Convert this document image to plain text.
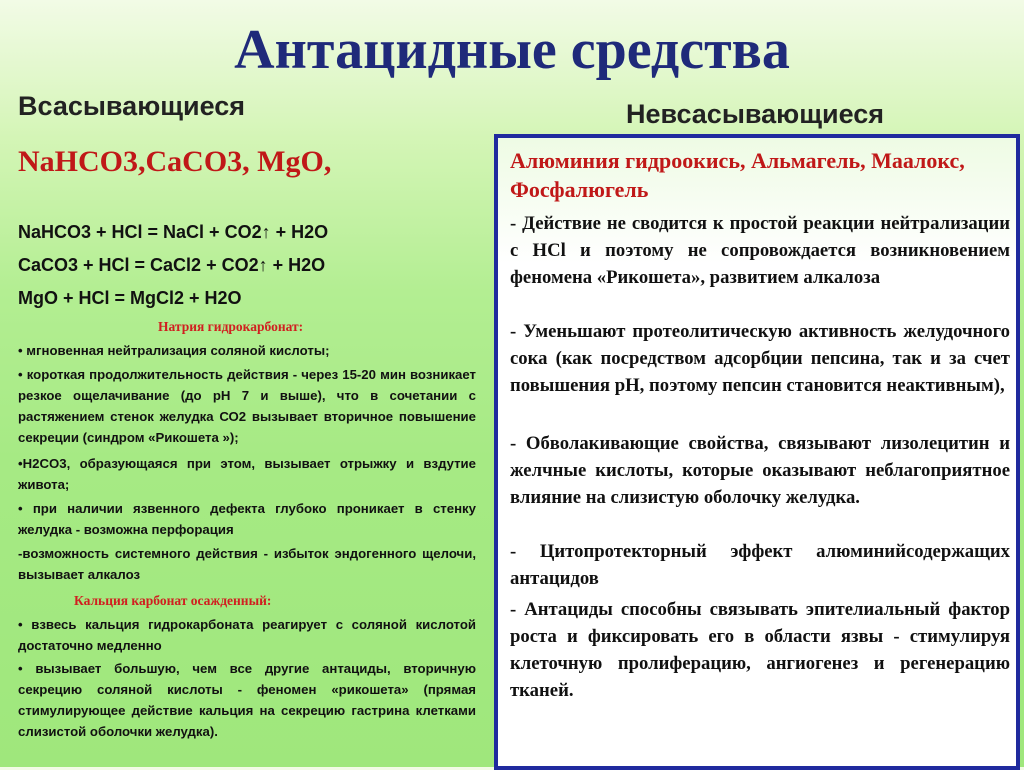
Антацидные средства
Всасывающиеся	Невсасывающиеся
NaHCO3,CaCO3, MgO,
NaHCO3 + HCl = NaCl + CO2↑ + H2O
CaCO3 + HCl = CaCl2 + CO2↑ + H2O
MgO + HCl = MgCl2 + H2O
Натрия гидрокарбонат:

• мгновенная нейтрализация соляной кислоты;

• короткая продолжительность действия - через 15-20 мин возникает резкое ощелачивание (до pH 7 и выше), что в сочетании с растяжением стенок желудка СО2 вызывает вторичное повышение секреции (синдром «Рикошета »);

•H2CO3, образующаяся при этом, вызывает отрыжку и вздутие живота;

• при наличии язвенного дефекта глубоко проникает в стенку желудка - возможна перфорация

-возможность системного действия - избыток эндогенного щелочи, вызывает алкалоз

Кальция карбонат осажденный:

• взвесь кальция гидрокарбоната реагирует с соляной кислотой достаточно медленно

• вызывает большую, чем все другие антациды, вторичную секрецию соляной кислоты - феномен «рикошета» (прямая стимулирующее действие кальция на секрецию гастрина клетками слизистой оболочки желудка).

Алюминия гидроокись, Альмагель, Маалокс, Фосфалюгель

- Действие не сводится к простой реакции нейтрализации с HCl и поэтому не сопровождается возникновением феномена «Рикошета», развитием алкалоза

- Уменьшают протеолитическую активность желудочного сока (как посредством адсорбции пепсина, так и за счет повышения pH, поэтому пепсин становится неактивным),

- Обволакивающие свойства, связывают лизолецитин и желчные кислоты, которые оказывают неблагоприятное влияние на слизистую оболочку желудка.

- Цитопротекторный эффект алюминийсодержащих антацидов

- Антациды способны связывать эпителиальный фактор роста и фиксировать его в области язвы - стимулируя клеточную пролиферацию, ангиогенез и регенерацию тканей.
